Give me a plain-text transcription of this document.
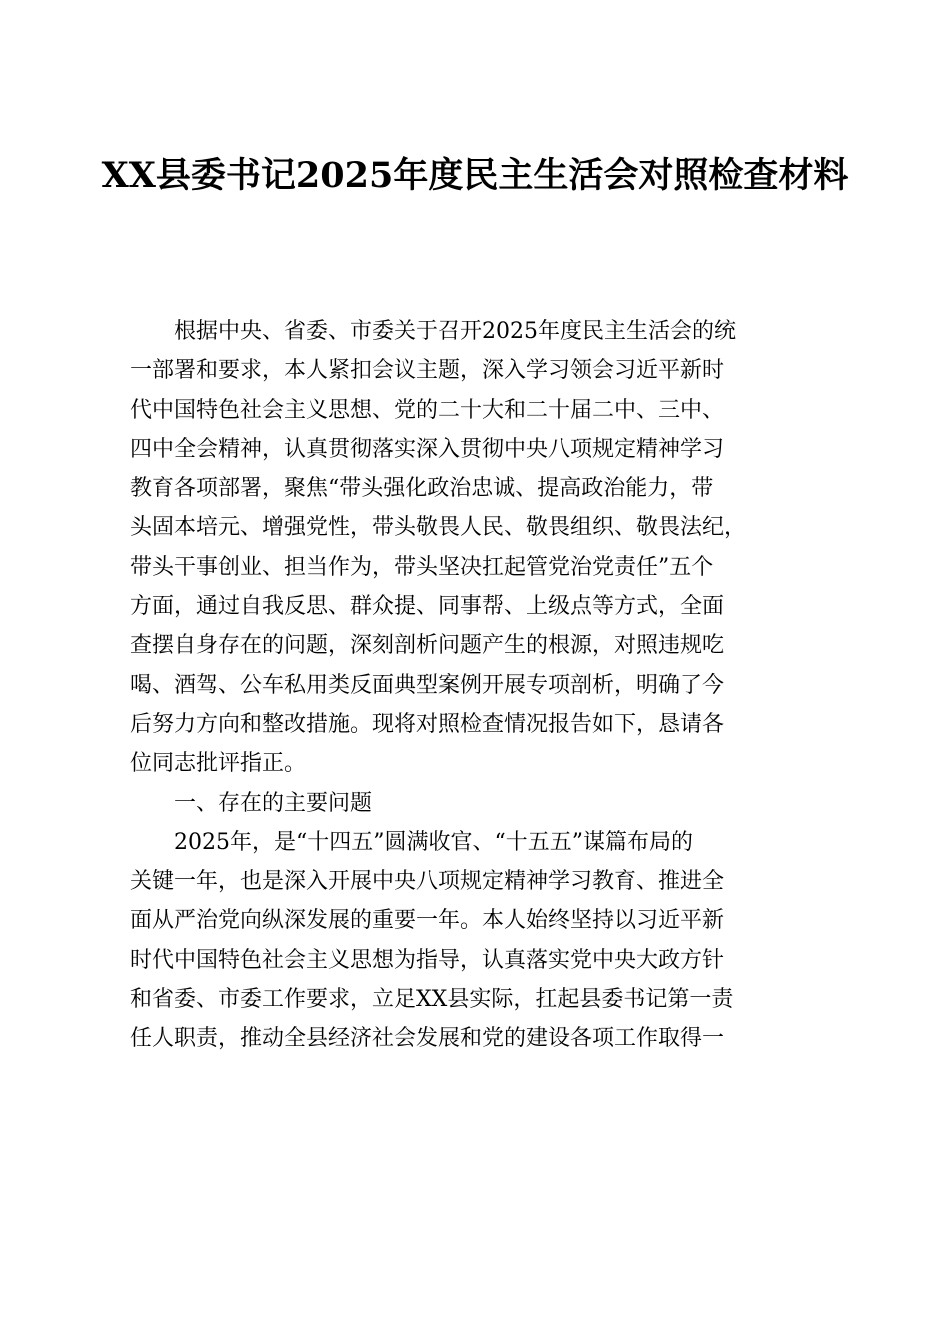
XX县委书记2025年度民主生活会对照检查材料

根据中央、省委、市委关于召开2025年度民主生活会的统
一部署和要求，本人紧扣会议主题，深入学习领会习近平新时
代中国特色社会主义思想、党的二十大和二十届二中、三中、
四中全会精神，认真贯彻落实深入贯彻中央八项规定精神学习
教育各项部署，聚焦“带头强化政治忠诚、提高政治能力，带
头固本培元、增强党性，带头敬畏人民、敬畏组织、敬畏法纪，
带头干事创业、担当作为，带头坚决扛起管党治党责任”五个
方面，通过自我反思、群众提、同事帮、上级点等方式，全面
查摆自身存在的问题，深刻剖析问题产生的根源，对照违规吃
喝、酒驾、公车私用类反面典型案例开展专项剖析，明确了今
后努力方向和整改措施。现将对照检查情况报告如下，恳请各
位同志批评指正。

一、存在的主要问题

2025年，是“十四五”圆满收官、“十五五”谋篇布局的
关键一年，也是深入开展中央八项规定精神学习教育、推进全
面从严治党向纵深发展的重要一年。本人始终坚持以习近平新
时代中国特色社会主义思想为指导，认真落实党中央大政方针
和省委、市委工作要求，立足XX县实际，扛起县委书记第一责
任人职责，推动全县经济社会发展和党的建设各项工作取得一
